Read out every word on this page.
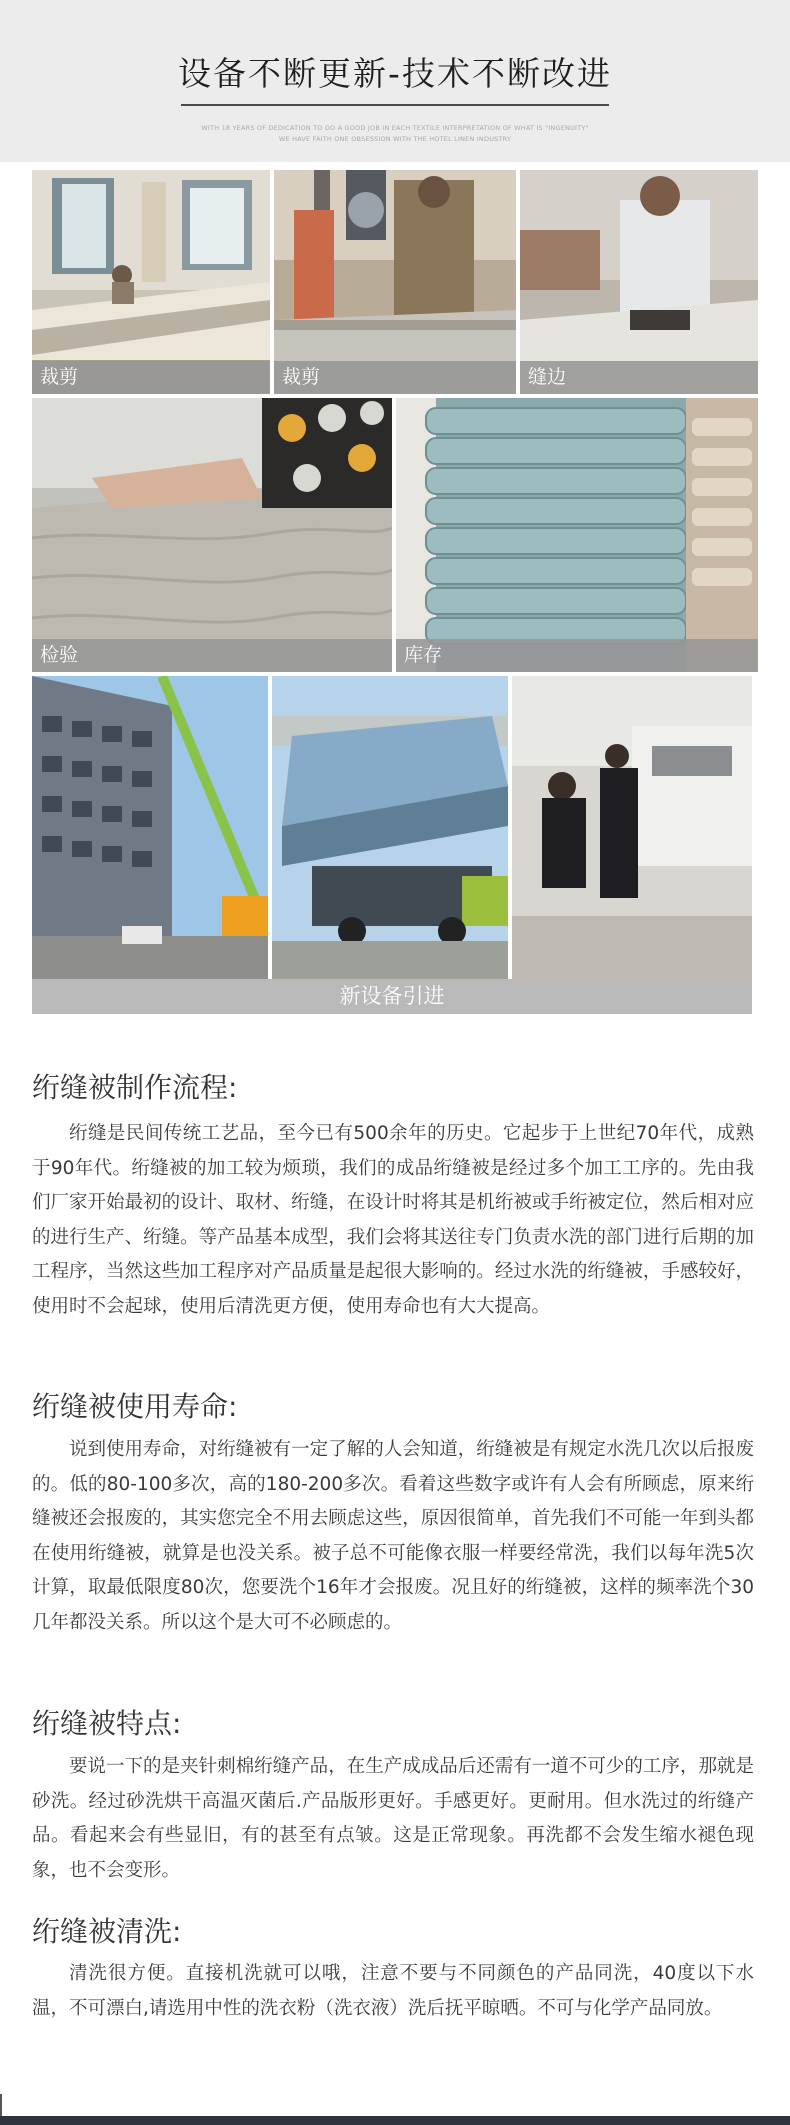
设备不断更新-技术不断改进
WITH 18 YEARS OF DEDICATION TO DO A GOOD JOB IN EACH TEXTILE INTERPRETATION OF WHAT IS "INGENUITY"
WE HAVE FAITH ONE OBSESSION WITH THE HOTEL LINEN INDUSTRY
裁剪	裁剪	缝边
检验	库存
新设备引进
绗缝被制作流程:
绗缝是民间传统工艺品，至今已有500余年的历史。它起步于上世纪70年代，成熟于90年代。绗缝被的加工较为烦琐，我们的成品绗缝被是经过多个加工工序的。先由我们厂家开始最初的设计、取材、绗缝，在设计时将其是机绗被或手绗被定位，然后相对应的进行生产、绗缝。等产品基本成型，我们会将其送往专门负责水洗的部门进行后期的加工程序，当然这些加工程序对产品质量是起很大影响的。经过水洗的绗缝被，手感较好，使用时不会起球，使用后清洗更方便，使用寿命也有大大提高。
绗缝被使用寿命:
说到使用寿命，对绗缝被有一定了解的人会知道，绗缝被是有规定水洗几次以后报废的。低的80-100多次，高的180-200多次。看着这些数字或许有人会有所顾虑，原来绗缝被还会报废的，其实您完全不用去顾虑这些，原因很简单，首先我们不可能一年到头都在使用绗缝被，就算是也没关系。被子总不可能像衣服一样要经常洗，我们以每年洗5次计算，取最低限度80次，您要洗个16年才会报废。况且好的绗缝被，这样的频率洗个30几年都没关系。所以这个是大可不必顾虑的。
绗缝被特点:
要说一下的是夹针刺棉绗缝产品，在生产成成品后还需有一道不可少的工序，那就是砂洗。经过砂洗烘干高温灭菌后.产品版形更好。手感更好。更耐用。但水洗过的绗缝产品。看起来会有些显旧，有的甚至有点皱。这是正常现象。再洗都不会发生缩水褪色现象，也不会变形。
绗缝被清洗:
清洗很方便。直接机洗就可以哦，注意不要与不同颜色的产品同洗，40度以下水温，不可漂白,请选用中性的洗衣粉（洗衣液）洗后抚平晾晒。不可与化学产品同放。
